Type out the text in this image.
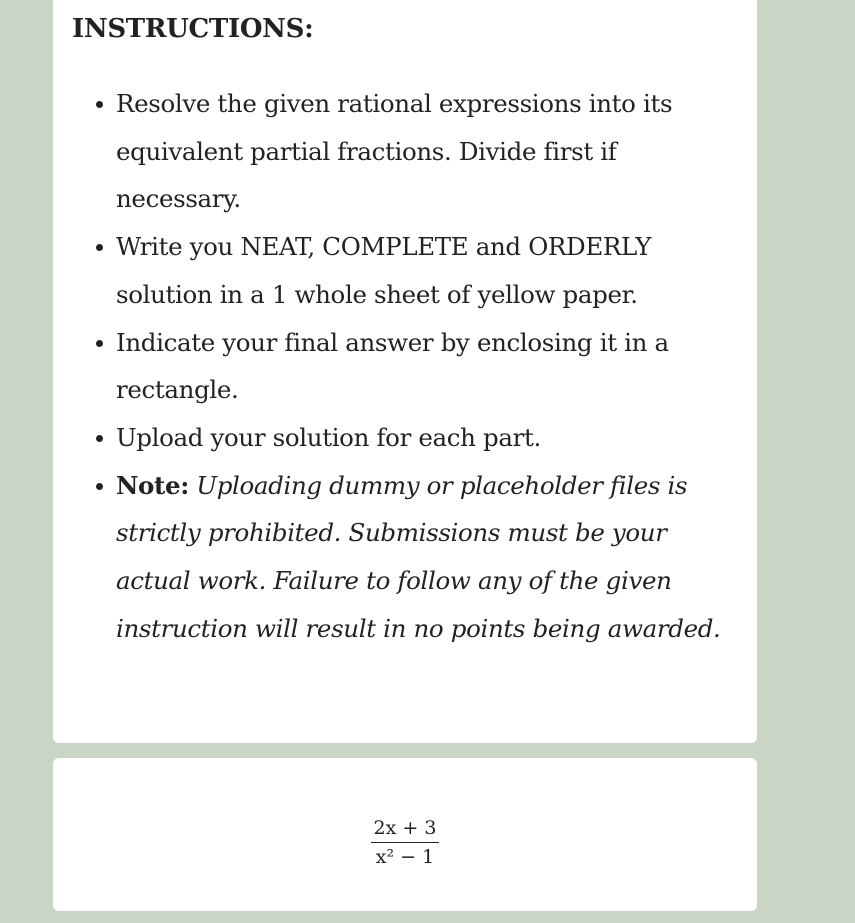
INSTRUCTIONS:
Resolve the given rational expressions into its equivalent partial fractions. Divide first if necessary.
Write you NEAT, COMPLETE and ORDERLY solution in a 1 whole sheet of yellow paper.
Indicate your final answer by enclosing it in a rectangle.
Upload your solution for each part.
Note: Uploading dummy or placeholder files is strictly prohibited. Submissions must be your actual work. Failure to follow any of the given instruction will result in no points being awarded.
2x + 3
x² − 1
